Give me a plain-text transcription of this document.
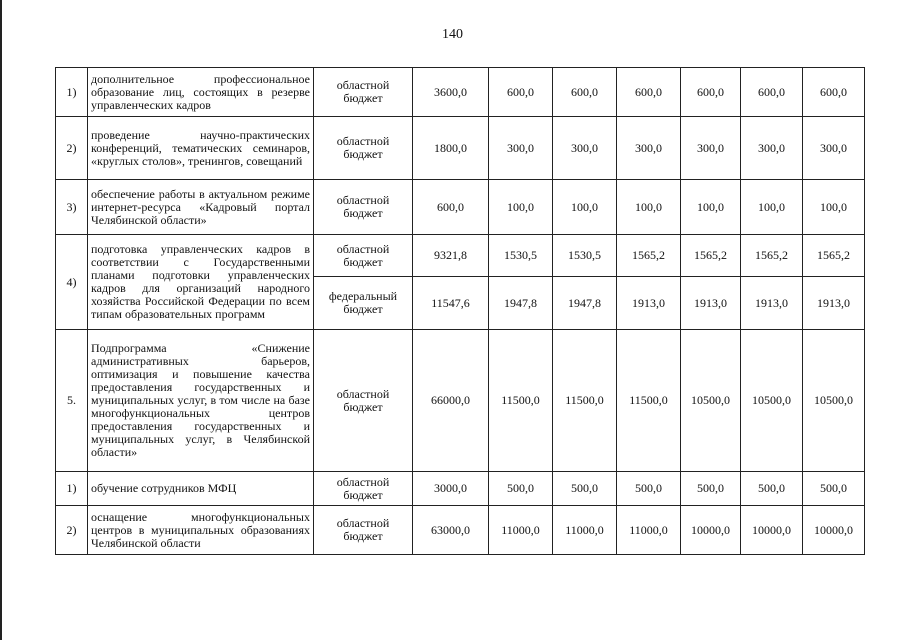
140
1)	дополнительное профессиональное образование лиц, состоящих в резерве управленческих кадров	областной бюджет	3600,0	600,0	600,0	600,0	600,0	600,0	600,0
2)	проведение научно-практических конференций, тематических семинаров, «круглых столов», тренингов, совещаний	областной бюджет	1800,0	300,0	300,0	300,0	300,0	300,0	300,0
3)	обеспечение работы в актуальном режиме интернет-ресурса «Кадровый портал Челябинской области»	областной бюджет	600,0	100,0	100,0	100,0	100,0	100,0	100,0
4)	подготовка управленческих кадров в соответствии с Государственными планами подготовки управленческих кадров для организаций народного хозяйства Российской Федерации по всем типам образовательных программ	областной бюджет	9321,8	1530,5	1530,5	1565,2	1565,2	1565,2	1565,2
		федеральный бюджет	11547,6	1947,8	1947,8	1913,0	1913,0	1913,0	1913,0
5.	Подпрограмма «Снижение административных барьеров, оптимизация и повышение качества предоставления государственных и муниципальных услуг, в том числе на базе многофункциональных центров предоставления государственных и муниципальных услуг, в Челябинской области»	областной бюджет	66000,0	11500,0	11500,0	11500,0	10500,0	10500,0	10500,0
1)	обучение сотрудников МФЦ	областной бюджет	3000,0	500,0	500,0	500,0	500,0	500,0	500,0
2)	оснащение многофункциональных центров в муниципальных образованиях Челябинской области	областной бюджет	63000,0	11000,0	11000,0	11000,0	10000,0	10000,0	10000,0
